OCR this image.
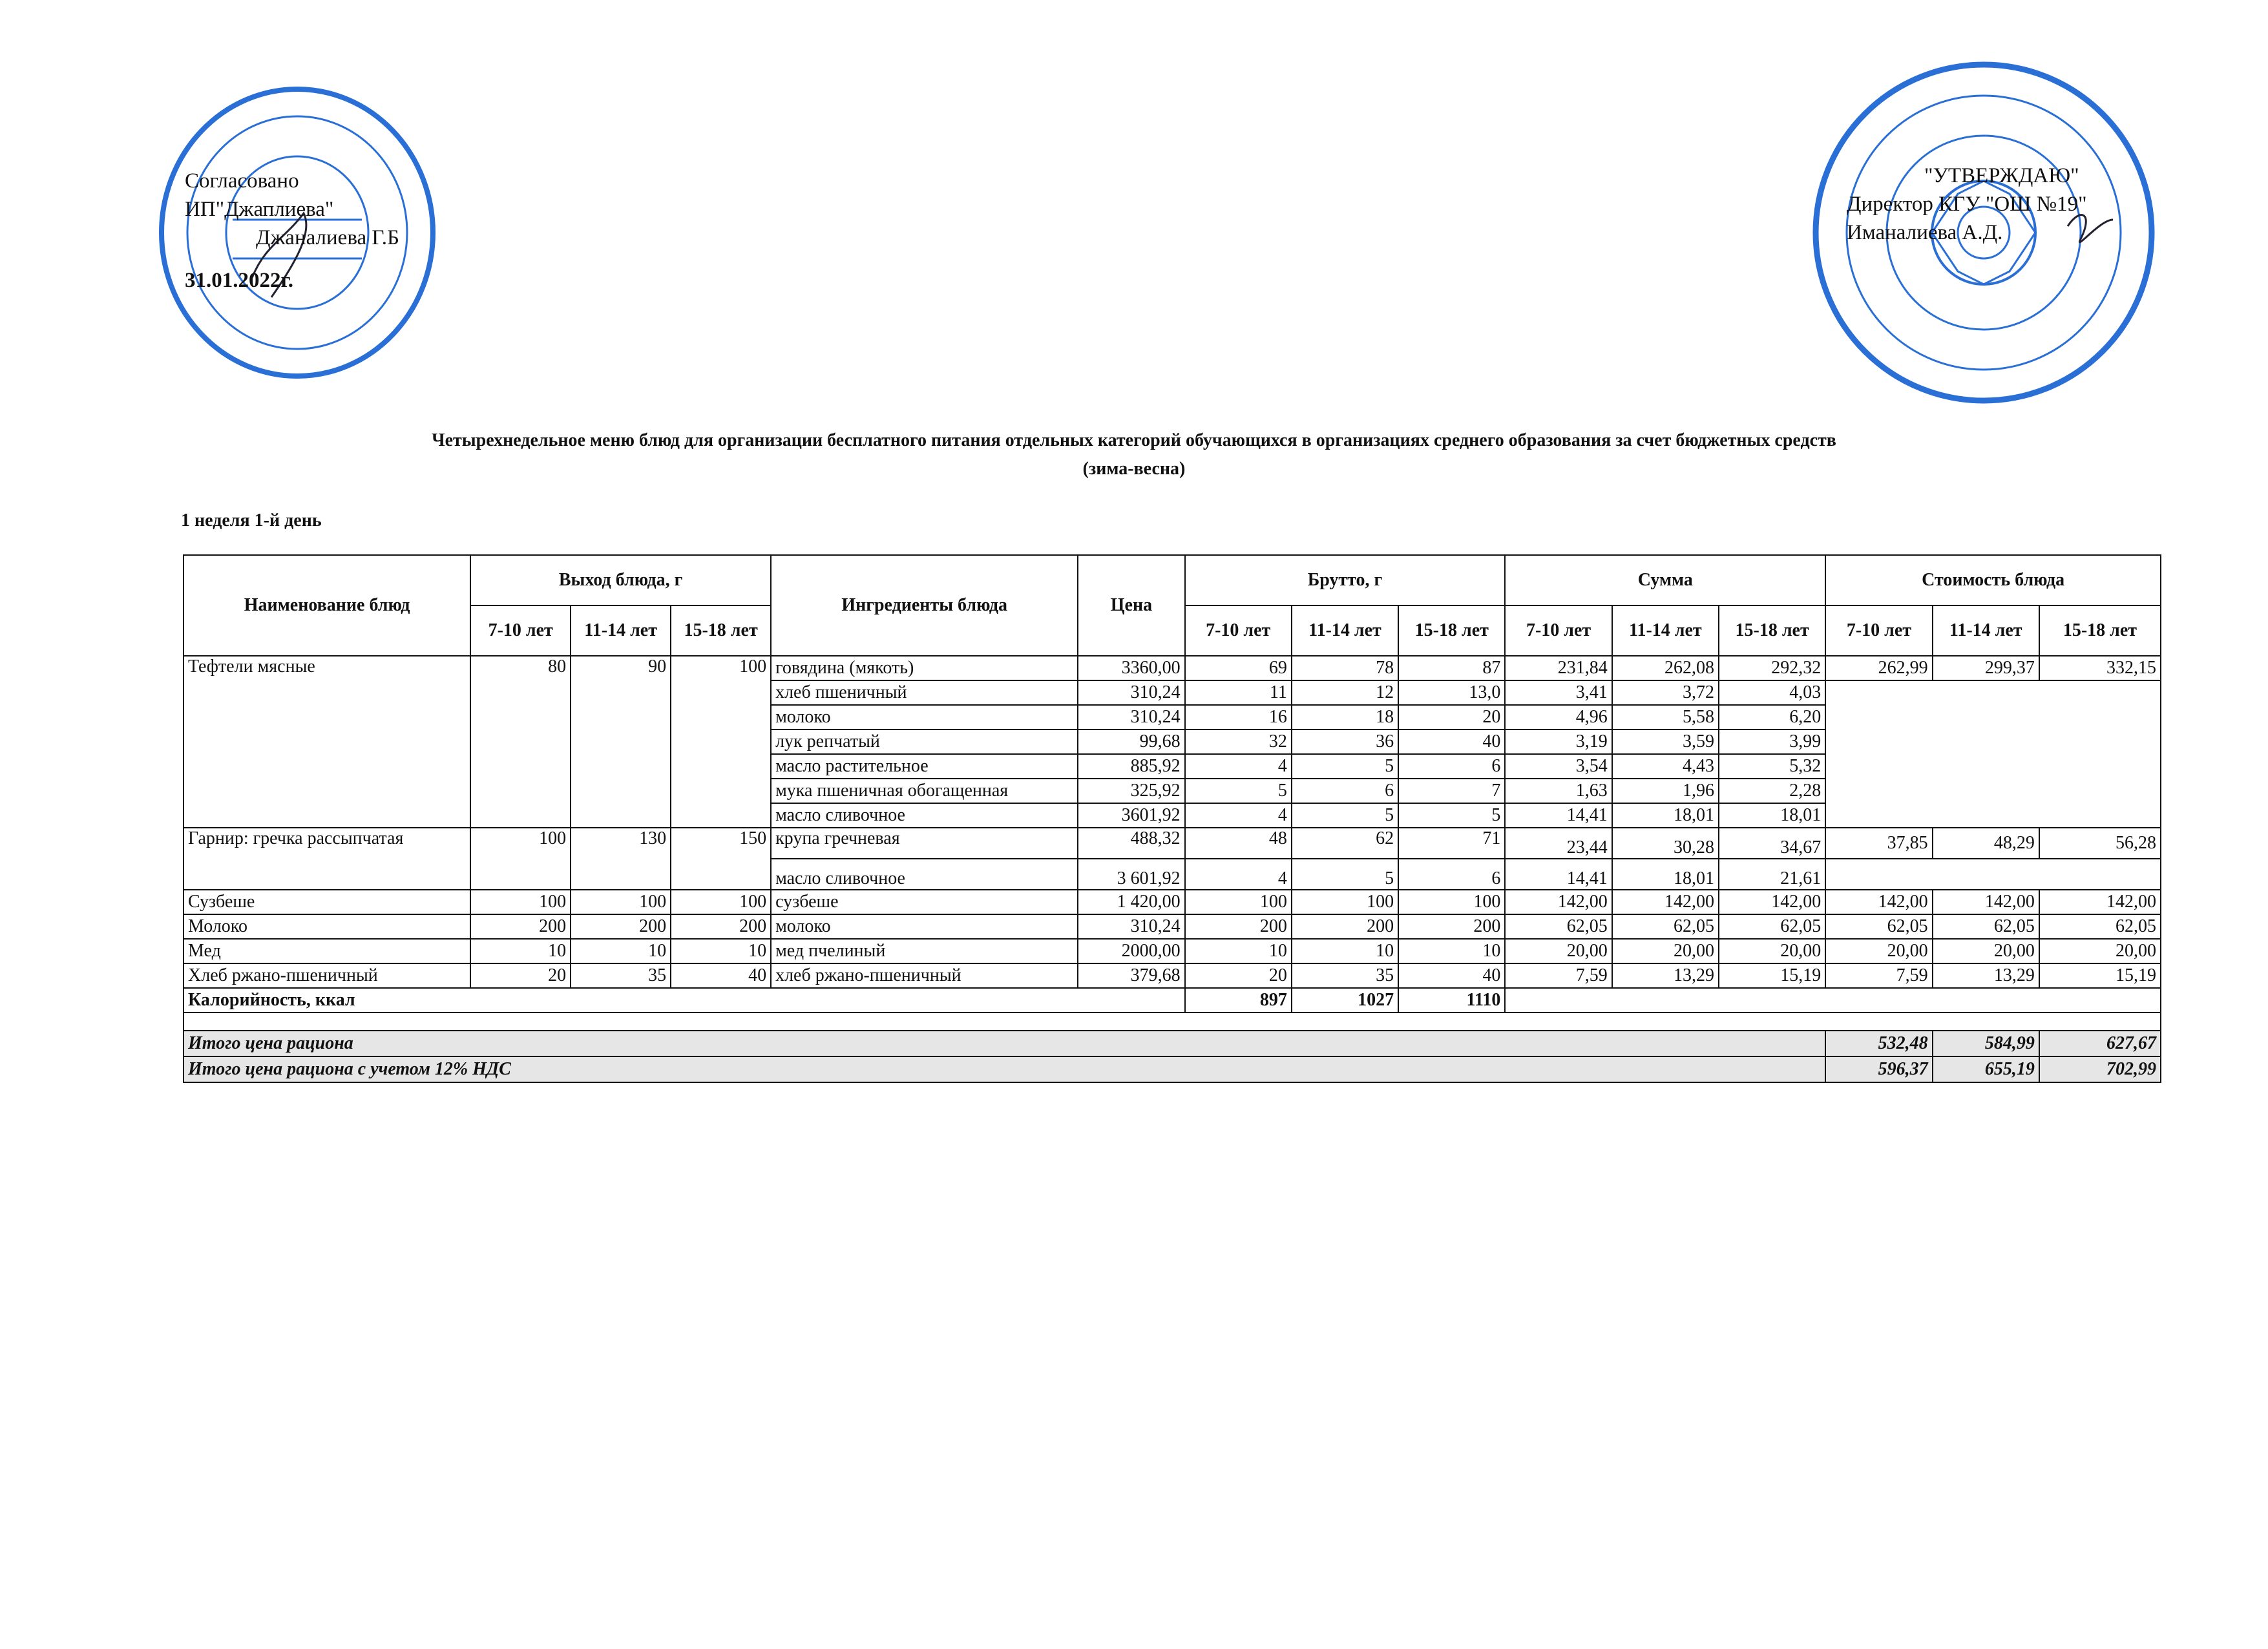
Согласовано
ИП"Джаплиева"
Джаналиева Г.Б
31.01.2022г.
"УТВЕРЖДАЮ"
Директор КГУ "ОШ №19"
Иманалиева А.Д.
Четырехнедельное меню блюд для организации бесплатного питания отдельных категорий обучающихся в организациях среднего образования за счет бюджетных средств
(зима-весна)
1 неделя 1-й день
Наименование блюд	Выход блюда, г			Ингредиенты блюда	Цена	Брутто, г			Сумма			Стоимость блюда		
	7-10 лет	11-14 лет	15-18 лет			7-10 лет	11-14 лет	15-18 лет	7-10 лет	11-14 лет	15-18 лет	7-10 лет	11-14 лет	15-18 лет
Тефтели мясные	80	90	100	говядина (мякоть)	3360,00	69	78	87	231,84	262,08	292,32	262,99	299,37	332,15
				хлеб пшеничный	310,24	11	12	13,0	3,41	3,72	4,03			
				молоко	310,24	16	18	20	4,96	5,58	6,20			
				лук репчатый	99,68	32	36	40	3,19	3,59	3,99			
				масло растительное	885,92	4	5	6	3,54	4,43	5,32			
				мука пшеничная обогащенная	325,92	5	6	7	1,63	1,96	2,28			
				масло сливочное	3601,92	4	5	5	14,41	18,01	18,01			
Гарнир: гречка рассыпчатая	100	130	150	крупа гречневая	488,32	48	62	71	23,44	30,28	34,67	37,85	48,29	56,28
				масло сливочное	3 601,92	4	5	6	14,41	18,01	21,61			
Сузбеше	100	100	100	сузбеше	1 420,00	100	100	100	142,00	142,00	142,00	142,00	142,00	142,00
Молоко	200	200	200	молоко	310,24	200	200	200	62,05	62,05	62,05	62,05	62,05	62,05
Мед	10	10	10	мед пчелиный	2000,00	10	10	10	20,00	20,00	20,00	20,00	20,00	20,00
Хлеб ржано-пшеничный	20	35	40	хлеб ржано-пшеничный	379,68	20	35	40	7,59	13,29	15,19	7,59	13,29	15,19
Калорийность, ккал						897	1027	1110						

Итого цена рациона												532,48	584,99	627,67
Итого цена рациона с учетом 12% НДС												596,37	655,19	702,99
